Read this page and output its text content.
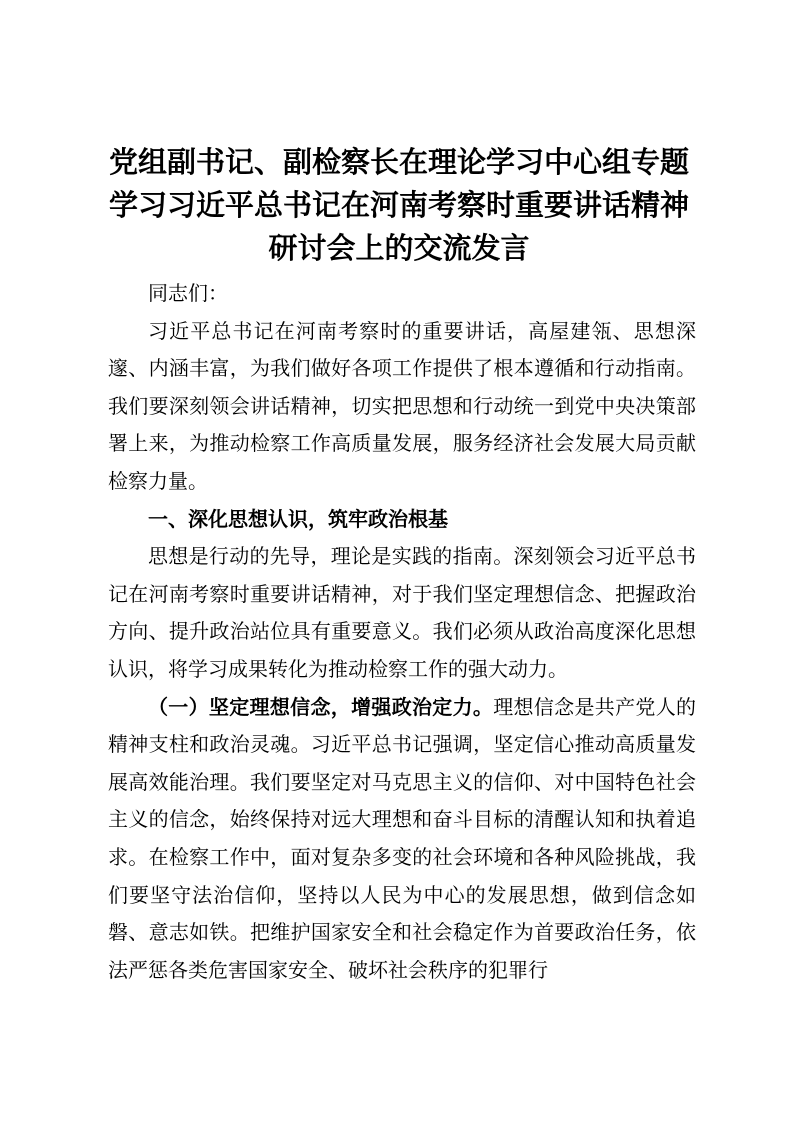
党组副书记、副检察长在理论学习中心组专题
学习习近平总书记在河南考察时重要讲话精神
研讨会上的交流发言

同志们：

习近平总书记在河南考察时的重要讲话，高屋建瓴、思想深邃、内涵丰富，为我们做好各项工作提供了根本遵循和行动指南。我们要深刻领会讲话精神，切实把思想和行动统一到党中央决策部署上来，为推动检察工作高质量发展，服务经济社会发展大局贡献检察力量。

一、深化思想认识，筑牢政治根基

思想是行动的先导，理论是实践的指南。深刻领会习近平总书记在河南考察时重要讲话精神，对于我们坚定理想信念、把握政治方向、提升政治站位具有重要意义。我们必须从政治高度深化思想认识，将学习成果转化为推动检察工作的强大动力。

（一）坚定理想信念，增强政治定力。理想信念是共产党人的精神支柱和政治灵魂。习近平总书记强调，坚定信心推动高质量发展高效能治理。我们要坚定对马克思主义的信仰、对中国特色社会主义的信念，始终保持对远大理想和奋斗目标的清醒认知和执着追求。在检察工作中，面对复杂多变的社会环境和各种风险挑战，我们要坚守法治信仰，坚持以人民为中心的发展思想，做到信念如磐、意志如铁。把维护国家安全和社会稳定作为首要政治任务，依法严惩各类危害国家安全、破坏社会秩序的犯罪行
